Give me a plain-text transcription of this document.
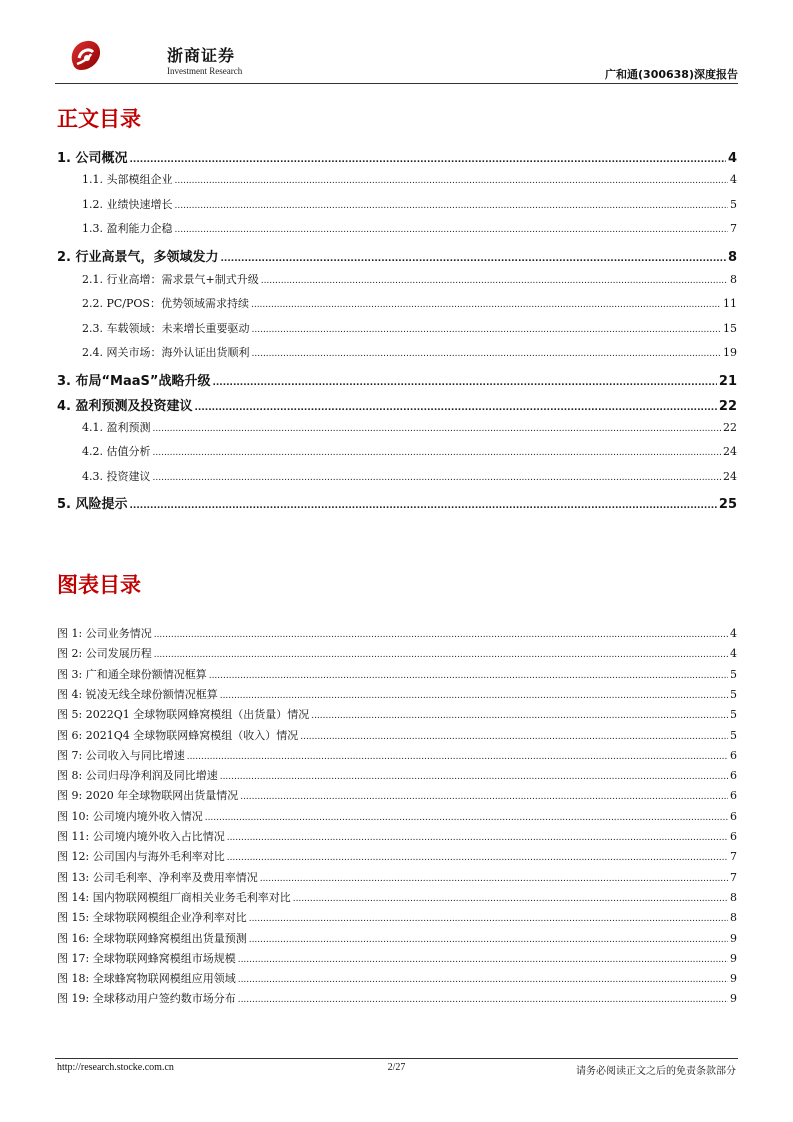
浙商证券
Investment Research	广和通(300638)深度报告
正文目录
1. 公司概况 .....	4
1.1. 头部模组企业 .....	4
1.2. 业绩快速增长 .....	5
1.3. 盈利能力企稳 .....	7
2. 行业高景气，多领域发力 .....	8
2.1. 行业高增：需求景气+制式升级 .....	8
2.2. PC/POS：优势领域需求持续 .....	11
2.3. 车载领域：未来增长重要驱动 .....	15
2.4. 网关市场：海外认证出货顺利 .....	19
3. 布局“MaaS”战略升级 .....	21
4. 盈利预测及投资建议 .....	22
4.1. 盈利预测 .....	22
4.2. 估值分析 .....	24
4.3. 投资建议 .....	24
5. 风险提示 .....	25
图表目录
图 1: 公司业务情况 .....	4
图 2: 公司发展历程 .....	4
图 3: 广和通全球份额情况框算 .....	5
图 4: 锐凌无线全球份额情况框算 .....	5
图 5: 2022Q1 全球物联网蜂窝模组（出货量）情况 .....	5
图 6: 2021Q4 全球物联网蜂窝模组（收入）情况 .....	5
图 7: 公司收入与同比增速 .....	6
图 8: 公司归母净利润及同比增速 .....	6
图 9: 2020 年全球物联网出货量情况 .....	6
图 10: 公司境内境外收入情况 .....	6
图 11: 公司境内境外收入占比情况 .....	6
图 12: 公司国内与海外毛利率对比 .....	7
图 13: 公司毛利率、净利率及费用率情况 .....	7
图 14: 国内物联网模组厂商相关业务毛利率对比 .....	8
图 15: 全球物联网模组企业净利率对比 .....	8
图 16: 全球物联网蜂窝模组出货量预测 .....	9
图 17: 全球物联网蜂窝模组市场规模 .....	9
图 18: 全球蜂窝物联网模组应用领域 .....	9
图 19: 全球移动用户签约数市场分布 .....	9
http://research.stocke.com.cn	2/27	请务必阅读正文之后的免责条款部分
